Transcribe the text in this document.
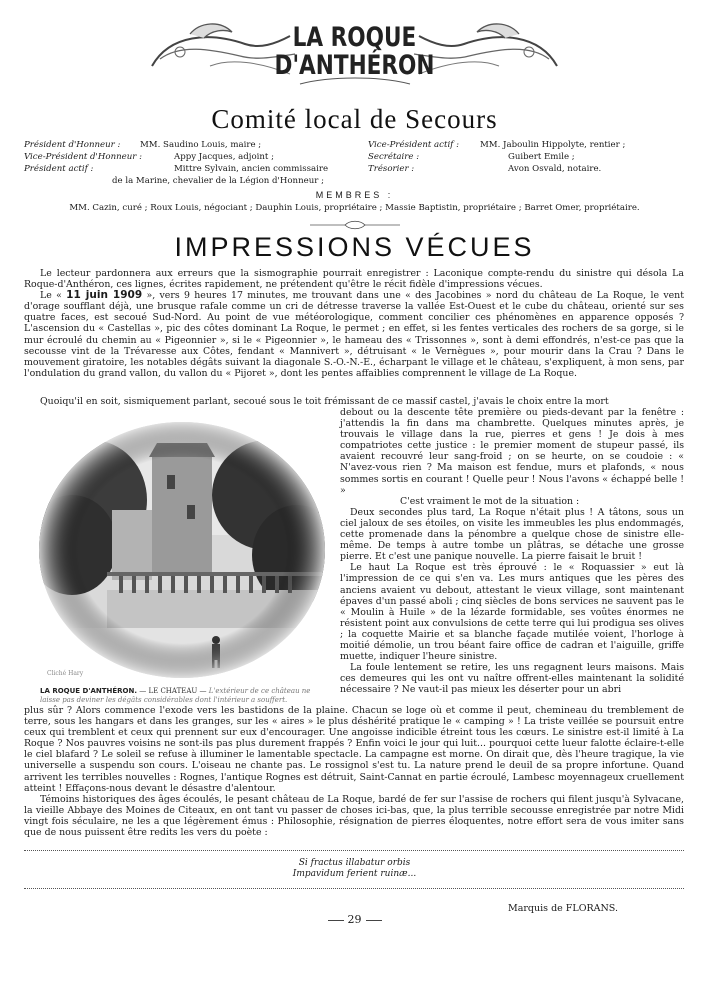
LA ROQUE
D'ANTHÉRON
Comité local de Secours
Président d'Honneur : MM. Saudino Louis, maire ;
Vice-Président d'Honneur :	Appy Jacques, adjoint ;
Président actif :	Mittre Sylvain, ancien commissaire
de la Marine, chevalier de la Légion d'Honneur ;
Vice-Président actif : MM. Jaboulin Hippolyte, rentier ;
Secrétaire :	Guibert Emile ;
Trésorier :	Avon Osvald, notaire.
MEMBRES :
MM. Cazin, curé ; Roux Louis, négociant ; Dauphin Louis, propriétaire ; Massie Baptistin, propriétaire ; Barret Omer, propriétaire.
IMPRESSIONS VÉCUES

Le lecteur pardonnera aux erreurs que la sismographie pourrait enregistrer : Laconique compte-rendu du sinistre qui désola La Roque-d'Anthéron, ces lignes, écrites rapidement, ne prétendent qu'être le récit fidèle d'impressions vécues.

Le « 11 juin 1909 », vers 9 heures 17 minutes, me trouvant dans une « des Jacobines » nord du château de La Roque, le vent d'orage soufflant déjà, une brusque rafale comme un cri de détresse traverse la vallée Est-Ouest et le cube du château, orienté sur ses quatre faces, est secoué Sud-Nord. Au point de vue météorologique, comment concilier ces phénomènes en apparence opposés ? L'ascension du « Castellas », pic des côtes dominant La Roque, le permet ; en effet, si les fentes verticales des rochers de sa gorge, si le mur écroulé du chemin au « Pigeonnier », si le « Pigeonnier », le hameau des « Trissonnes », sont à demi effondrés, n'est-ce pas que la secousse vint de la Trévaresse aux Côtes, fendant « Mannivert », détruisant « le Vernègues », pour mourir dans la Crau ? Dans le mouvement giratoire, les notables dégâts suivant la diagonale S.-O.-N.-E., écharpant le village et le château, s'expliquent, à mon sens, par l'ondulation du grand vallon, du vallon du « Pijoret », dont les pentes affaiblies comprennent le village de La Roque.

Quoiqu'il en soit, sismiquement parlant, secoué sous le toit frémissant de ce massif castel, j'avais le choix entre la mort

Cliché Hary
LA ROQUE D'ANTHÉRON. — LE CHATEAU — L'extérieur de ce château ne laisse pas deviner les dégâts considérables dont l'intérieur a souffert.

debout ou la descente tête première ou pieds-devant par la fenêtre : j'attendis la fin dans ma chambrette. Quelques minutes après, je trouvais le village dans la rue, pierres et gens ! Je dois à mes compatriotes cette justice : le premier moment de stupeur passé, ils avaient recouvré leur sang-froid ; on se heurte, on se coudoie : « N'avez-vous rien ? Ma maison est fendue, murs et plafonds, « nous sommes sortis en courant ! Quelle peur ! Nous l'avons « échappé belle ! »

C'est vraiment le mot de la situation :

Deux secondes plus tard, La Roque n'était plus ! A tâtons, sous un ciel jaloux de ses étoiles, on visite les immeubles les plus endommagés, cette promenade dans la pénombre a quelque chose de sinistre elle-même. De temps à autre tombe un plâtras, se détache une grosse pierre. Et c'est une panique nouvelle. La pierre faisait le bruit !

Le haut La Roque est très éprouvé : le « Roquassier » eut là l'impression de ce qui s'en va. Les murs antiques que les pères des anciens avaient vu debout, attestant le vieux village, sont maintenant épaves d'un passé aboli ; cinq siècles de bons services ne sauvent pas le « Moulin à Huile » de la lézarde formidable, ses voûtes énormes ne résistent point aux convulsions de cette terre qui lui prodigua ses olives ; la coquette Mairie et sa blanche façade mutilée voient, l'horloge à moitié démolie, un trou béant faire office de cadran et l'aiguille, griffe muette, indiquer l'heure sinistre.

La foule lentement se retire, les uns regagnent leurs maisons. Mais ces demeures qui les ont vu naître offrent-elles maintenant la solidité nécessaire ? Ne vaut-il pas mieux les déserter pour un abri

plus sûr ? Alors commence l'exode vers les bastidons de la plaine. Chacun se loge où et comme il peut, chemineau du tremblement de terre, sous les hangars et dans les granges, sur les « aires » le plus déshérité pratique le « camping » ! La triste veillée se poursuit entre ceux qui tremblent et ceux qui prennent sur eux d'encourager. Une angoisse indicible étreint tous les cœurs. Le sinistre est-il limité à La Roque ? Nos pauvres voisins ne sont-ils pas plus durement frappés ? Enfin voici le jour qui luit... pourquoi cette lueur falotte éclaire-t-elle le ciel blafard ? Le soleil se refuse à illuminer le lamentable spectacle. La campagne est morne. On dirait que, dès l'heure tragique, la vie universelle a suspendu son cours. L'oiseau ne chante pas. Le rossignol s'est tu. La nature prend le deuil de sa propre infortune. Quand arrivent les terribles nouvelles : Rognes, l'antique Rognes est détruit, Saint-Cannat en partie écroulé, Lambesc moyennageux cruellement atteint ! Effaçons-nous devant le désastre d'alentour.

Témoins historiques des âges écoulés, le pesant château de La Roque, bardé de fer sur l'assise de rochers qui filent jusqu'à Sylvacane, la vieille Abbaye des Moines de Citeaux, en ont tant vu passer de choses ici-bas, que, la plus terrible secousse enregistrée par notre Midi vingt fois séculaire, ne les a que légèrement émus : Philosophie, résignation de pierres éloquentes, notre effort sera de vous imiter sans que de nous puissent être redits les vers du poète :

Si fractus illabatur orbis
Impavidum ferient ruinæ...
Marquis de FLORANS.
29
